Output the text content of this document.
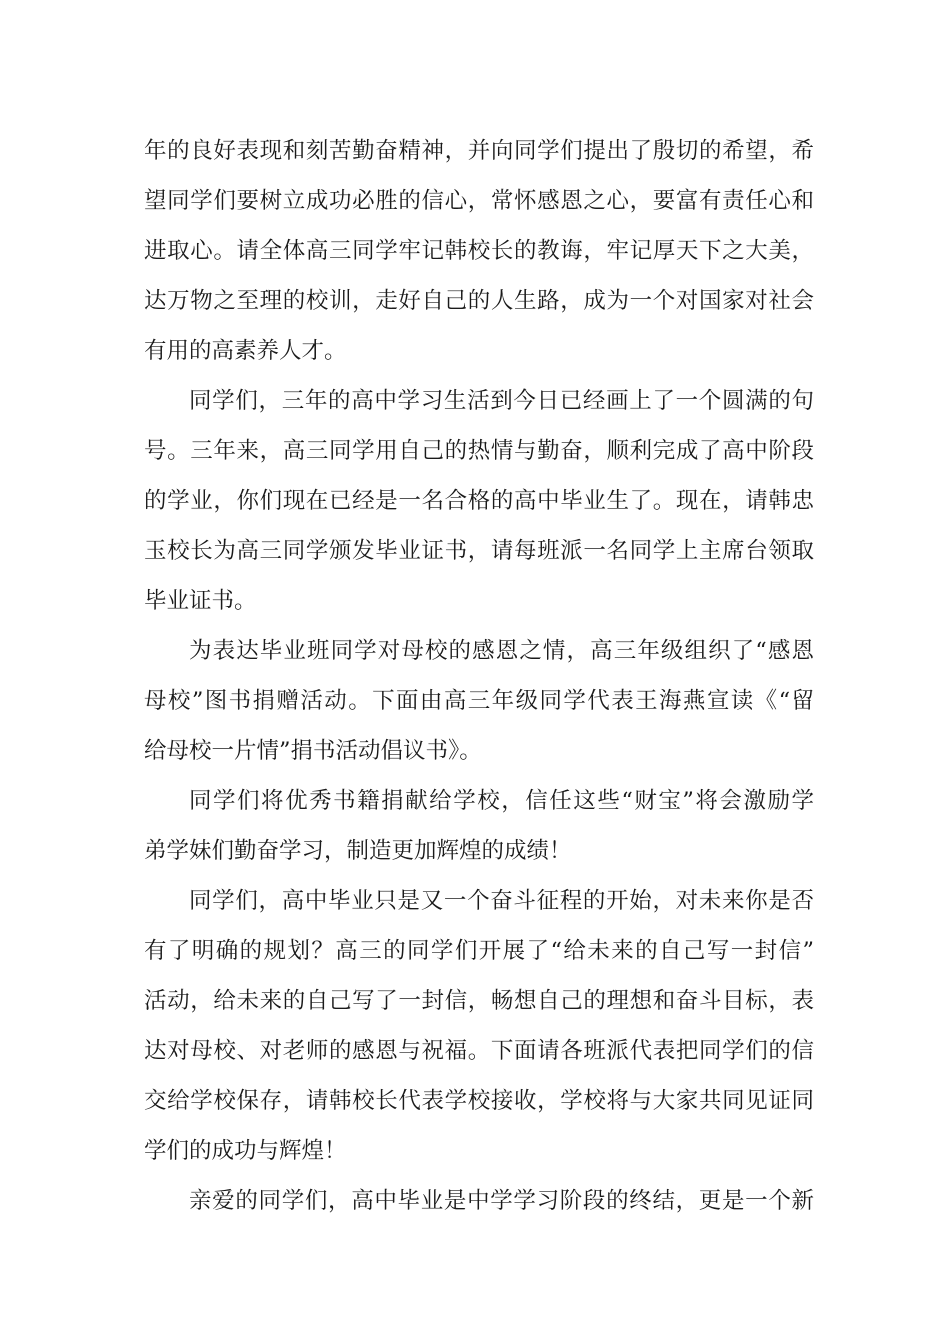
年的良好表现和刻苦勤奋精神，并向同学们提出了殷切的希望，希
望同学们要树立成功必胜的信心，常怀感恩之心，要富有责任心和
进取心。请全体高三同学牢记韩校长的教诲，牢记厚天下之大美，
达万物之至理的校训，走好自己的人生路，成为一个对国家对社会
有用的高素养人才。
同学们，三年的高中学习生活到今日已经画上了一个圆满的句
号。三年来，高三同学用自己的热情与勤奋，顺利完成了高中阶段
的学业，你们现在已经是一名合格的高中毕业生了。现在，请韩忠
玉校长为高三同学颁发毕业证书，请每班派一名同学上主席台领取
毕业证书。
为表达毕业班同学对母校的感恩之情，高三年级组织了“感恩
母校”图书捐赠活动。下面由高三年级同学代表王海燕宣读《“留
给母校一片情”捐书活动倡议书》。
同学们将优秀书籍捐献给学校，信任这些“财宝”将会激励学
弟学妹们勤奋学习，制造更加辉煌的成绩！
同学们，高中毕业只是又一个奋斗征程的开始，对未来你是否
有了明确的规划？高三的同学们开展了“给未来的自己写一封信”
活动，给未来的自己写了一封信，畅想自己的理想和奋斗目标，表
达对母校、对老师的感恩与祝福。下面请各班派代表把同学们的信
交给学校保存，请韩校长代表学校接收，学校将与大家共同见证同
学们的成功与辉煌！
亲爱的同学们，高中毕业是中学学习阶段的终结，更是一个新
